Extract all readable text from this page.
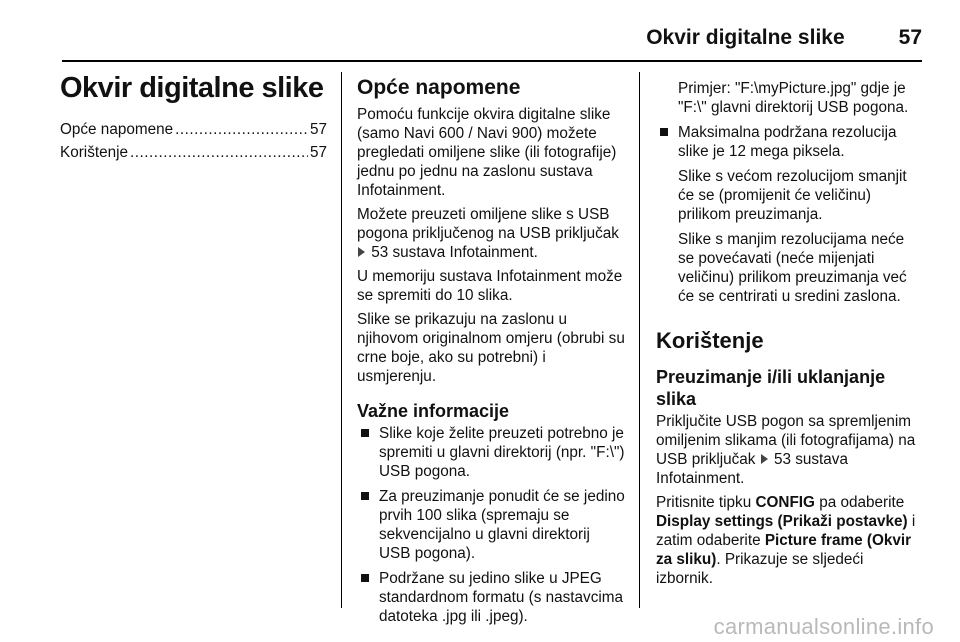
Okvir digitalne slike	57
Okvir digitalne slike
Opće napomene .....	57
Korištenje .....	57
Opće napomene

Pomoću funkcije okvira digitalne slike (samo Navi 600 / Navi 900) možete pregledati omiljene slike (ili fotografije) jednu po jednu na zaslonu sustava Infotainment.

Možete preuzeti omiljene slike s USB pogona priključenog na USB priključak  53 sustava Infotainment.

U memoriju sustava Infotainment može se spremiti do 10 slika.

Slike se prikazuju na zaslonu u njihovom originalnom omjeru (obrubi su crne boje, ako su potrebni) i usmjerenju.

Važne informacije
Slike koje želite preuzeti potrebno je spremiti u glavni direktorij (npr. "F:\") USB pogona.
Za preuzimanje ponudit će se jedino prvih 100 slika (spremaju se sekvencijalno u glavni direktorij USB pogona).
Podržane su jedino slike u JPEG standardnom formatu (s nastavcima datoteka .jpg ili .jpeg).

Primjer: "F:\myPicture.jpg" gdje je "F:\" glavni direktorij USB pogona.

Maksimalna podržana rezolucija slike je 12 mega piksela.

Slike s većom rezolucijom smanjit će se (promijenit će veličinu) prilikom preuzimanja.

Slike s manjim rezolucijama neće se povećavati (neće mijenjati veličinu) prilikom preuzimanja već će se centrirati u sredini zaslona.

Korištenje
Preuzimanje i/ili uklanjanje slika

Priključite USB pogon sa spremljenim omiljenim slikama (ili fotografijama) na USB priključak 53 sustava Infotainment.

Pritisnite tipku CONFIG pa odaberite Display settings (Prikaži postavke) i zatim odaberite Picture frame (Okvir za sliku). Prikazuje se sljedeći izbornik.

carmanualsonline.info
